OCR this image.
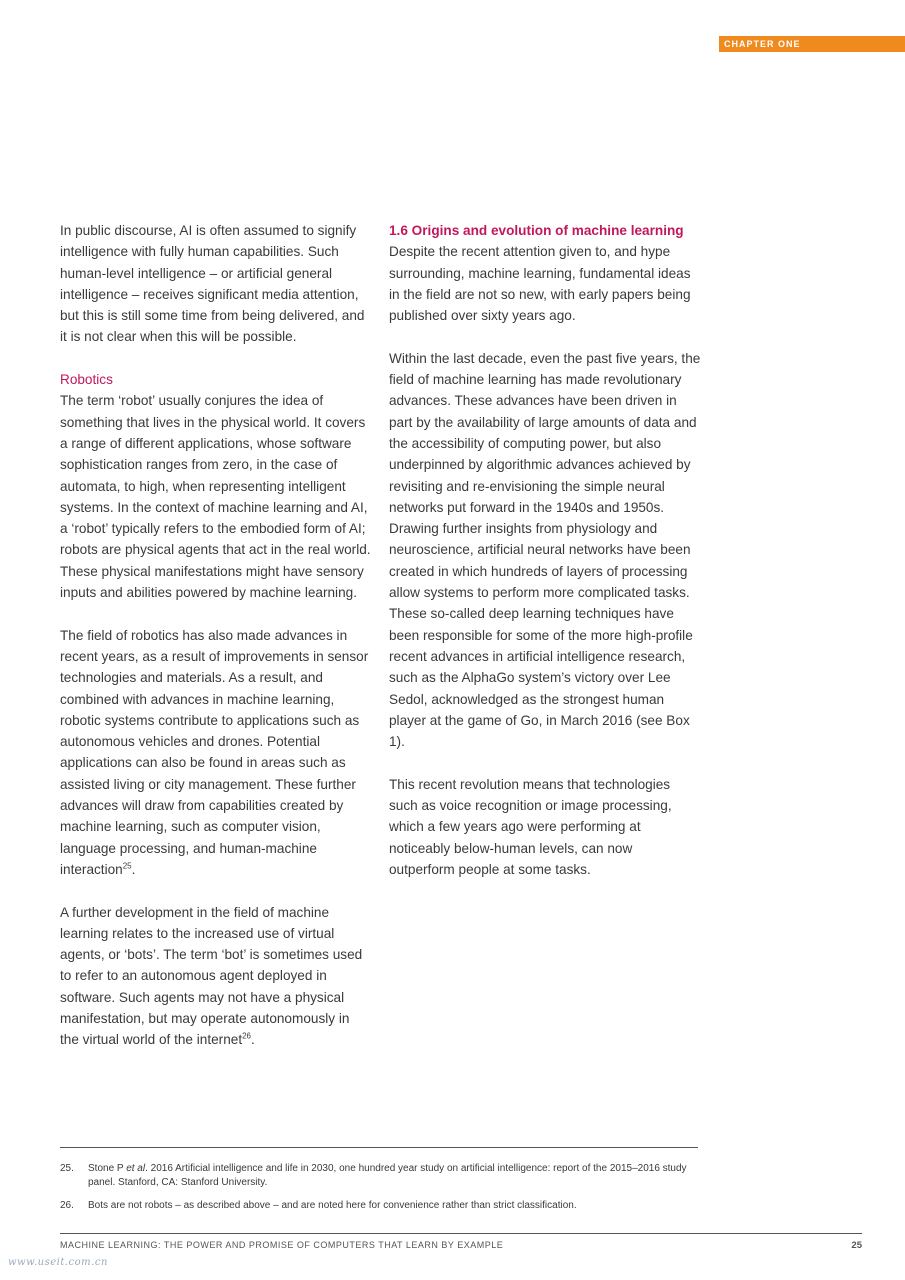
CHAPTER ONE

In public discourse, AI is often assumed to signify intelligence with fully human capabilities. Such human-level intelligence – or artificial general intelligence – receives significant media attention, but this is still some time from being delivered, and it is not clear when this will be possible.

Robotics

The term ‘robot’ usually conjures the idea of something that lives in the physical world. It covers a range of different applications, whose software sophistication ranges from zero, in the case of automata, to high, when representing intelligent systems. In the context of machine learning and AI, a ‘robot’ typically refers to the embodied form of AI; robots are physical agents that act in the real world. These physical manifestations might have sensory inputs and abilities powered by machine learning.

The field of robotics has also made advances in recent years, as a result of improvements in sensor technologies and materials. As a result, and combined with advances in machine learning, robotic systems contribute to applications such as autonomous vehicles and drones. Potential applications can also be found in areas such as assisted living or city management. These further advances will draw from capabilities created by machine learning, such as computer vision, language processing, and human-machine interaction$^{25}$.

A further development in the field of machine learning relates to the increased use of virtual agents, or ‘bots’. The term ‘bot’ is sometimes used to refer to an autonomous agent deployed in software. Such agents may not have a physical manifestation, but may operate autonomously in the virtual world of the internet$^{26}$.

1.6 Origins and evolution of machine learning

Despite the recent attention given to, and hype surrounding, machine learning, fundamental ideas in the field are not so new, with early papers being published over sixty years ago.

Within the last decade, even the past five years, the field of machine learning has made revolutionary advances. These advances have been driven in part by the availability of large amounts of data and the accessibility of computing power, but also underpinned by algorithmic advances achieved by revisiting and re-envisioning the simple neural networks put forward in the 1940s and 1950s. Drawing further insights from physiology and neuroscience, artificial neural networks have been created in which hundreds of layers of processing allow systems to perform more complicated tasks. These so-called deep learning techniques have been responsible for some of the more high-profile recent advances in artificial intelligence research, such as the AlphaGo system’s victory over Lee Sedol, acknowledged as the strongest human player at the game of Go, in March 2016 (see Box 1).

This recent revolution means that technologies such as voice recognition or image processing, which a few years ago were performing at noticeably below-human levels, can now outperform people at some tasks.

25.	Stone P et al. 2016 Artificial intelligence and life in 2030, one hundred year study on artificial intelligence: report of the 2015–2016 study panel. Stanford, CA: Stanford University.
26.	Bots are not robots – as described above – and are noted here for convenience rather than strict classification.
MACHINE LEARNING: THE POWER AND PROMISE OF COMPUTERS THAT LEARN BY EXAMPLE	25
www.useit.com.cn
